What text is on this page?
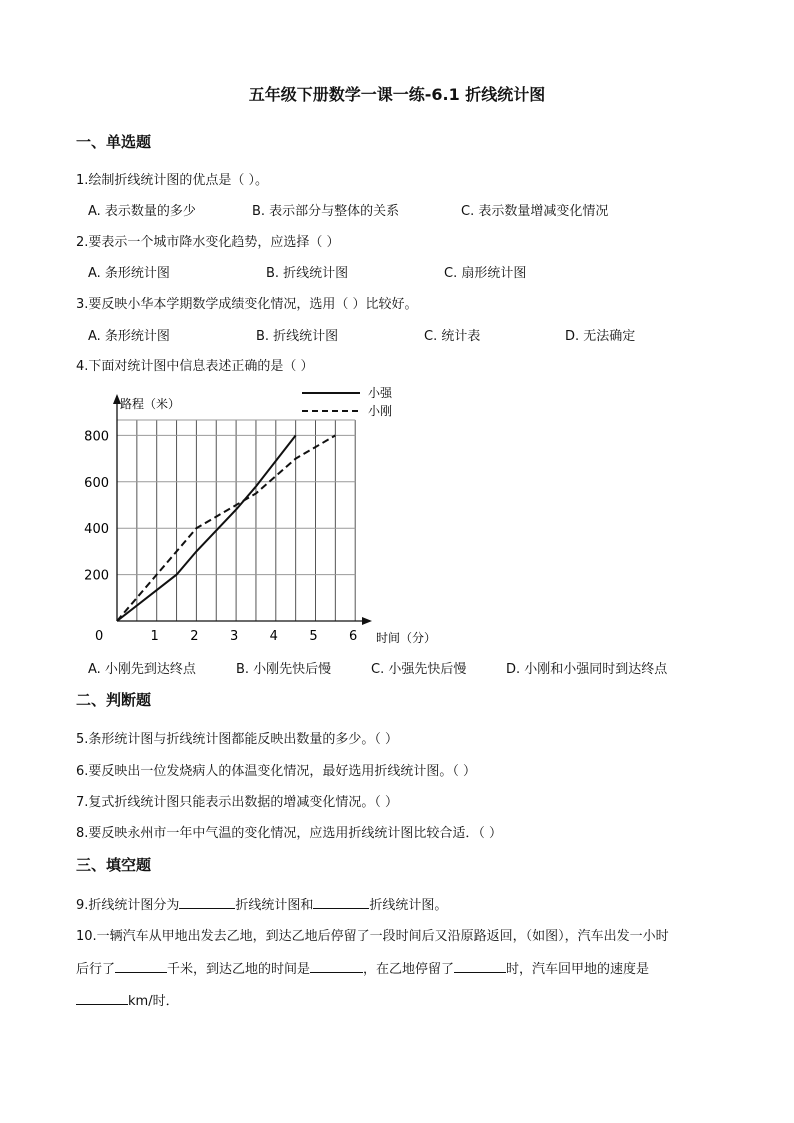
五年级下册数学一课一练-6.1 折线统计图
一、单选题
1.绘制折线统计图的优点是（ ）。
A. 表示数量的多少	B. 表示部分与整体的关系	C. 表示数量增减变化情况
2.要表示一个城市降水变化趋势，应选择（ ）
A. 条形统计图	B. 折线统计图	C. 扇形统计图
3.要反映小华本学期数学成绩变化情况，选用（ ）比较好。
A. 条形统计图	B. 折线统计图	C. 统计表	D. 无法确定
4.下面对统计图中信息表述正确的是（ ）
200
400
600
800
1 2 3 4 5 6
路程（米）
时间（分）
0
小强
小刚
A. 小刚先到达终点	B. 小刚先快后慢	C. 小强先快后慢	D. 小刚和小强同时到达终点
二、判断题
5.条形统计图与折线统计图都能反映出数量的多少。（ ）
6.要反映出一位发烧病人的体温变化情况，最好选用折线统计图。（ ）
7.复式折线统计图只能表示出数据的增减变化情况。（ ）
8.要反映永州市一年中气温的变化情况，应选用折线统计图比较合适．（ ）
三、填空题
9.折线统计图分为	折线统计图和	折线统计图。
10.一辆汽车从甲地出发去乙地，到达乙地后停留了一段时间后又沿原路返回，（如图），汽车出发一小时
后行了	千米，到达乙地的时间是	，在乙地停留了	时，汽车回甲地的速度是
km/时．
